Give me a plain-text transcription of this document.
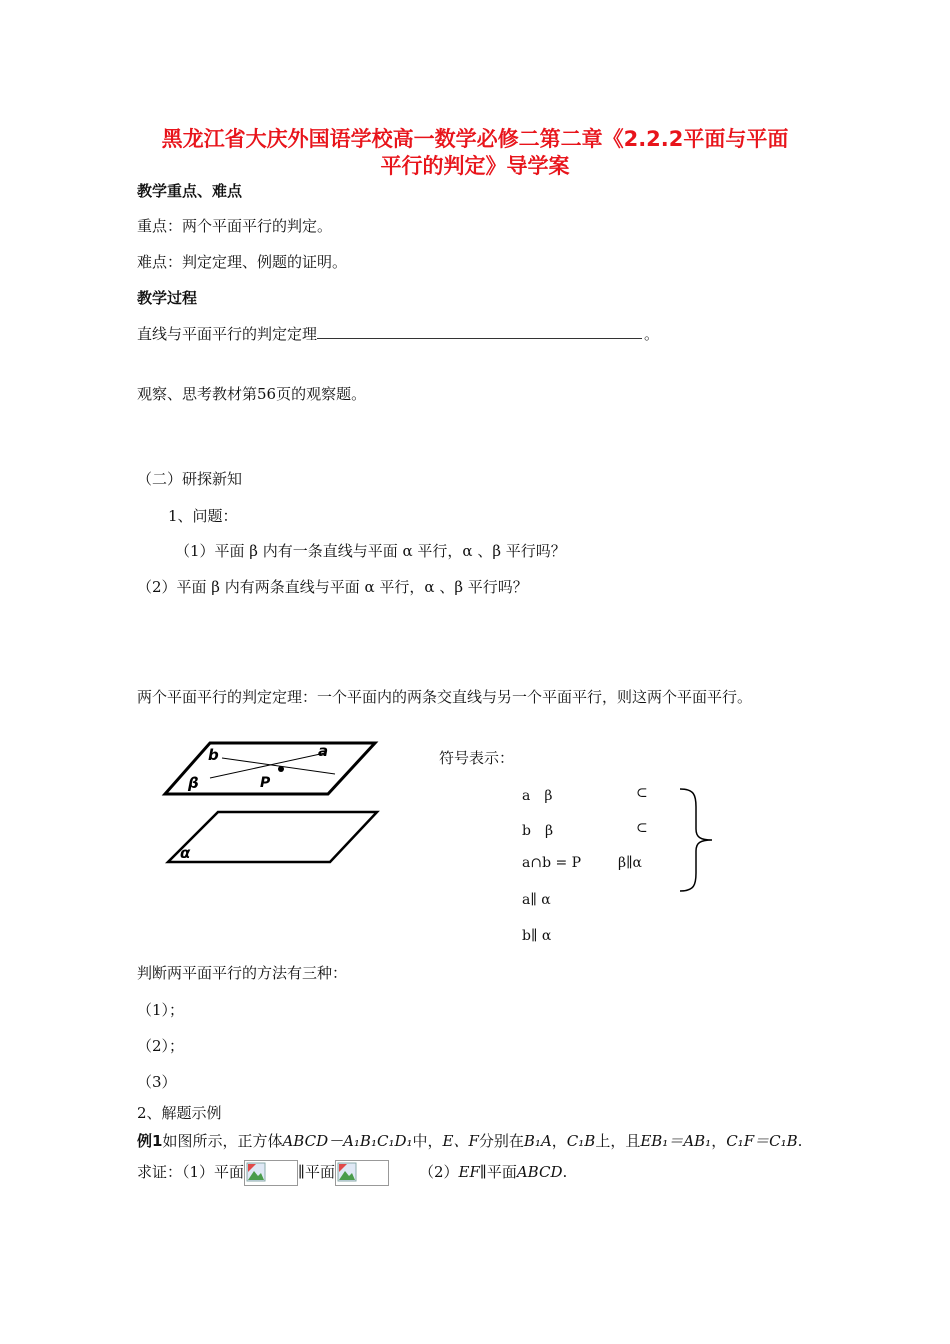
黑龙江省大庆外国语学校高一数学必修二第二章《2.2.2平面与平面
平行的判定》导学案
教学重点、难点
重点：两个平面平行的判定。
难点：判定定理、例题的证明。
教学过程
直线与平面平行的判定定理	。
观察、思考教材第56页的观察题。
（二）研探新知
1、问题：
（1）平面 β 内有一条直线与平面 α 平行，α 、β 平行吗？
（2）平面 β 内有两条直线与平面 α 平行，α 、β 平行吗？
两个平面平行的判定定理：一个平面内的两条交直线与另一个平面平行，则这两个平面平行。
b	a
β	P
α
符号表示：
a　β	⊂
b　β	⊂
a∩b = P	β∥α
a∥ α
b∥ α
判断两平面平行的方法有三种：
（1）；
（2）；
（3）
2、解题示例
例1如图所示，正方体ABCD－A₁B₁C₁D₁中，E、F分别在B₁A，C₁B上，且EB₁＝AB₁，C₁F＝C₁B.
求证：（1）平面	∥平面	（2）EF∥平面ABCD.
